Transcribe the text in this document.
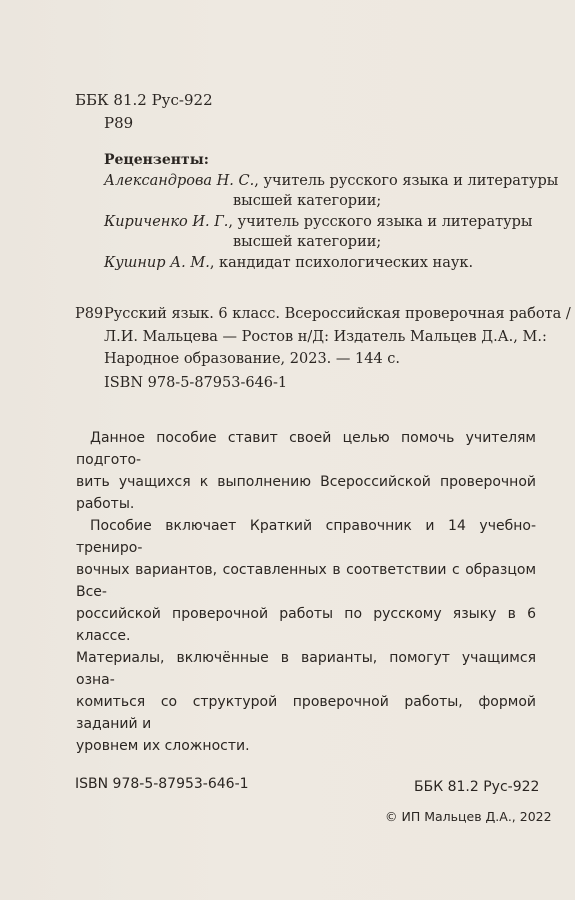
ББК 81.2 Рус-922
Р89
Рецензенты:
Александрова Н. С., учитель русского языка и литературы
высшей категории;
Кириченко И. Г., учитель русского языка и литературы
высшей категории;
Кушнир А. М., кандидат психологических наук.
Р89 Русский язык. 6 класс. Всероссийская проверочная работа /
Л.И. Мальцева — Ростов н/Д: Издатель Мальцев Д.А., М.:
Народное образование, 2023. — 144 с.
ISBN 978-5-87953-646-1

Данное пособие ставит своей целью помочь учителям подгото-
вить учащихся к выполнению Всероссийской проверочной работы.

Пособие включает Краткий справочник и 14 учебно-трениро-
вочных вариантов, составленных в соответствии с образцом Все-
российской проверочной работы по русскому языку в 6 классе.
Материалы, включённые в варианты, помогут учащимся озна-
комиться со структурой проверочной работы, формой заданий и
уровнем их сложности.

ISBN 978-5-87953-646-1	ББК 81.2 Рус-922
© ИП Мальцев Д.А., 2022
